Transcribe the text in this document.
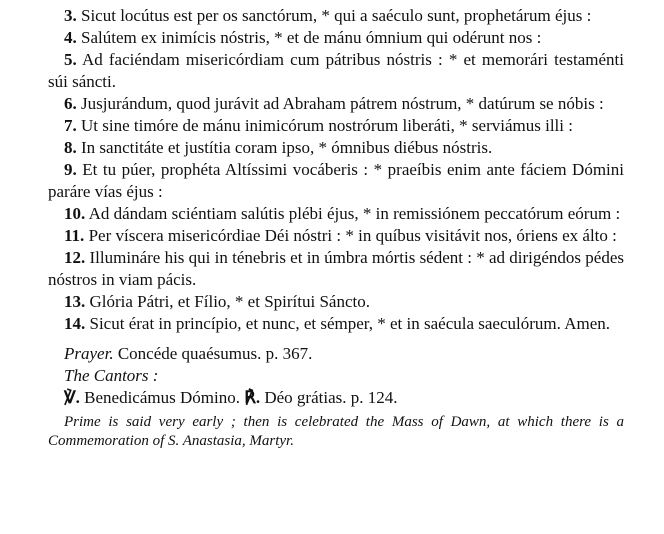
3. Sicut locútus est per os sanctórum, * qui a saéculo sunt, prophetárum éjus :

4. Salútem ex inimícis nóstris, * et de mánu ómnium qui odérunt nos :

5. Ad faciéndam misericórdiam cum pátribus nóstris : * et memorári testaménti súi sáncti.

6. Jusjurándum, quod jurávit ad Abraham pátrem nóstrum, * datúrum se nóbis :

7. Ut sine timóre de mánu inimicórum nostrórum liberáti, * serviámus illi :

8. In sanctitáte et justítia coram ipso, * ómnibus diébus nóstris.

9. Et tu púer, prophéta Altíssimi vocáberis : * praeíbis enim ante fáciem Dómini paráre vías éjus :

10. Ad dándam sciéntiam salútis plébi éjus, * in remissiónem peccatórum eórum :

11. Per víscera misericórdiae Déi nóstri : * in quíbus visitávit nos, óriens ex álto :

12. Illumináre his qui in ténebris et in úmbra mórtis sédent : * ad dirigéndos pédes nóstros in viam pácis.

13. Glória Pátri, et Fílio, * et Spirítui Sáncto.

14. Sicut érat in princípio, et nunc, et sémper, * et in saécula saeculórum. Amen.

Prayer. Concéde quaésumus. p. 367.

The Cantors :

℣. Benedicámus Dómino. ℟. Déo grátias. p. 124.

Prime is said very early ; then is celebrated the Mass of Dawn, at which there is a Commemoration of S. Anastasia, Martyr.
